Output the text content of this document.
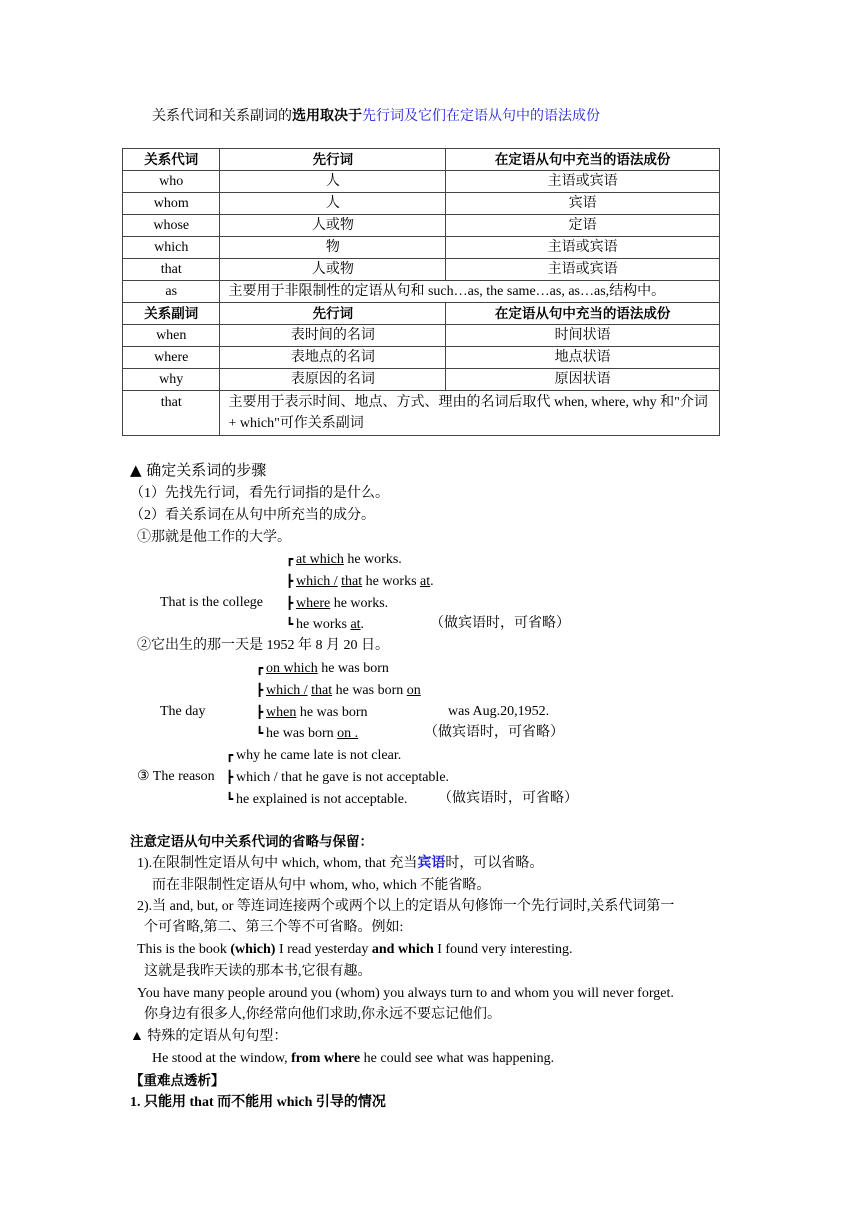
关系代词和关系副词的选用取决于先行词及它们在定语从句中的语法成份
关系代词	先行词	在定语从句中充当的语法成份
who	人	主语或宾语
whom	人	宾语
whose	人或物	定语
which	物	主语或宾语
that	人或物	主语或宾语
as	主要用于非限制性的定语从句和 such…as, the same…as, as…as,结构中。	
关系副词	先行词	在定语从句中充当的语法成份
when	表时间的名词	时间状语
where	表地点的名词	地点状语
why	表原因的名词	原因状语
that	主要用于表示时间、地点、方式、理由的名词后取代 when, where, why 和"介词+ which"可作关系副词	
▲ 确定关系词的步骤
（1）先找先行词，看先行词指的是什么。
（2）看关系词在从句中所充当的成分。
①那就是他工作的大学。
┏ at which he works.
┣ which / that he works at.
That is the college ┣ where he works.
┗ he works at.	（做宾语时，可省略）
②它出生的那一天是 1952 年 8 月 20 日。
┏ on which he was born
┣ which / that he was born on
The day	┣ when he was born	was Aug.20,1952.
┗ he was born on .	（做宾语时，可省略）
┏ why he came late is not clear.
③ The reason ┣ which / that he gave is not acceptable.
┗ he explained is not acceptable. （做宾语时，可省略）
注意定语从句中关系代词的省略与保留：
1).在限制性定语从句中 which, whom, that 充当宾语时，可以省略。
而在非限制性定语从句中 whom, who, which 不能省略。
2).当 and, but, or 等连词连接两个或两个以上的定语从句修饰一个先行词时,关系代词第一
个可省略,第二、第三个等不可省略。例如:
This is the book (which) I read yesterday and which I found very interesting.
这就是我昨天读的那本书,它很有趣。
You have many people around you (whom) you always turn to and whom you will never forget.
你身边有很多人,你经常向他们求助,你永远不要忘记他们。
▲ 特殊的定语从句句型：
He stood at the window, from where he could see what was happening.
【重难点透析】
1. 只能用 that 而不能用 which 引导的情况
